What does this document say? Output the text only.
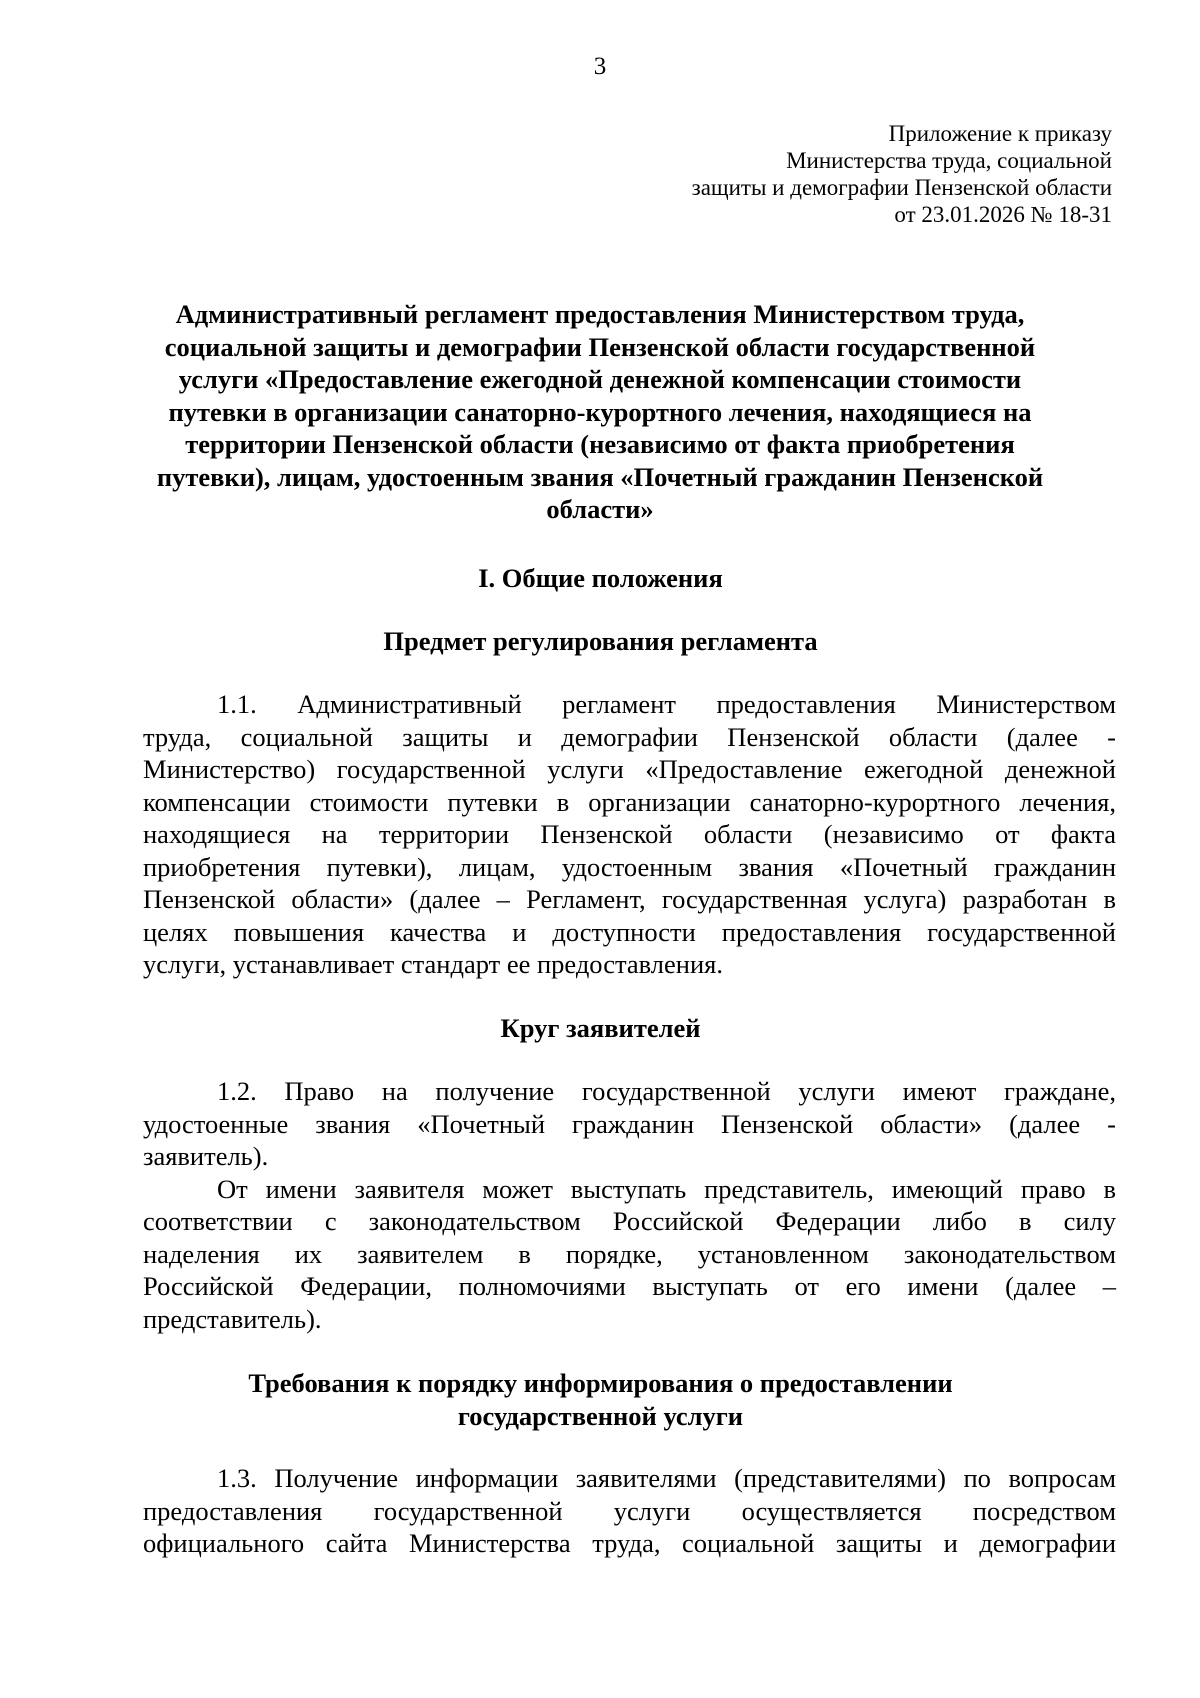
3
Приложение к приказу
Министерства труда, социальной
защиты и демографии Пензенской области
от 23.01.2026 № 18-31
Административный регламент предоставления Министерством труда,
социальной защиты и демографии Пензенской области государственной
услуги «Предоставление ежегодной денежной компенсации стоимости
путевки в организации санаторно-курортного лечения, находящиеся на
территории Пензенской области (независимо от факта приобретения
путевки), лицам, удостоенным звания «Почетный гражданин Пензенской
области»
I. Общие положения
Предмет регулирования регламента
1.1. Административный регламент предоставления Министерством
труда, социальной защиты и демографии Пензенской области (далее -
Министерство) государственной услуги «Предоставление ежегодной денежной
компенсации стоимости путевки в организации санаторно-курортного лечения,
находящиеся на территории Пензенской области (независимо от факта
приобретения путевки), лицам, удостоенным звания «Почетный гражданин
Пензенской области» (далее – Регламент, государственная услуга) разработан в
целях повышения качества и доступности предоставления государственной
услуги, устанавливает стандарт ее предоставления.
Круг заявителей
1.2. Право на получение государственной услуги имеют граждане,
удостоенные звания «Почетный гражданин Пензенской области» (далее -
заявитель).
От имени заявителя может выступать представитель, имеющий право в
соответствии с законодательством Российской Федерации либо в силу
наделения их заявителем в порядке, установленном законодательством
Российской Федерации, полномочиями выступать от его имени (далее –
представитель).
Требования к порядку информирования о предоставлении
государственной услуги
1.3. Получение информации заявителями (представителями) по вопросам
предоставления государственной услуги осуществляется посредством
официального сайта Министерства труда, социальной защиты и демографии
